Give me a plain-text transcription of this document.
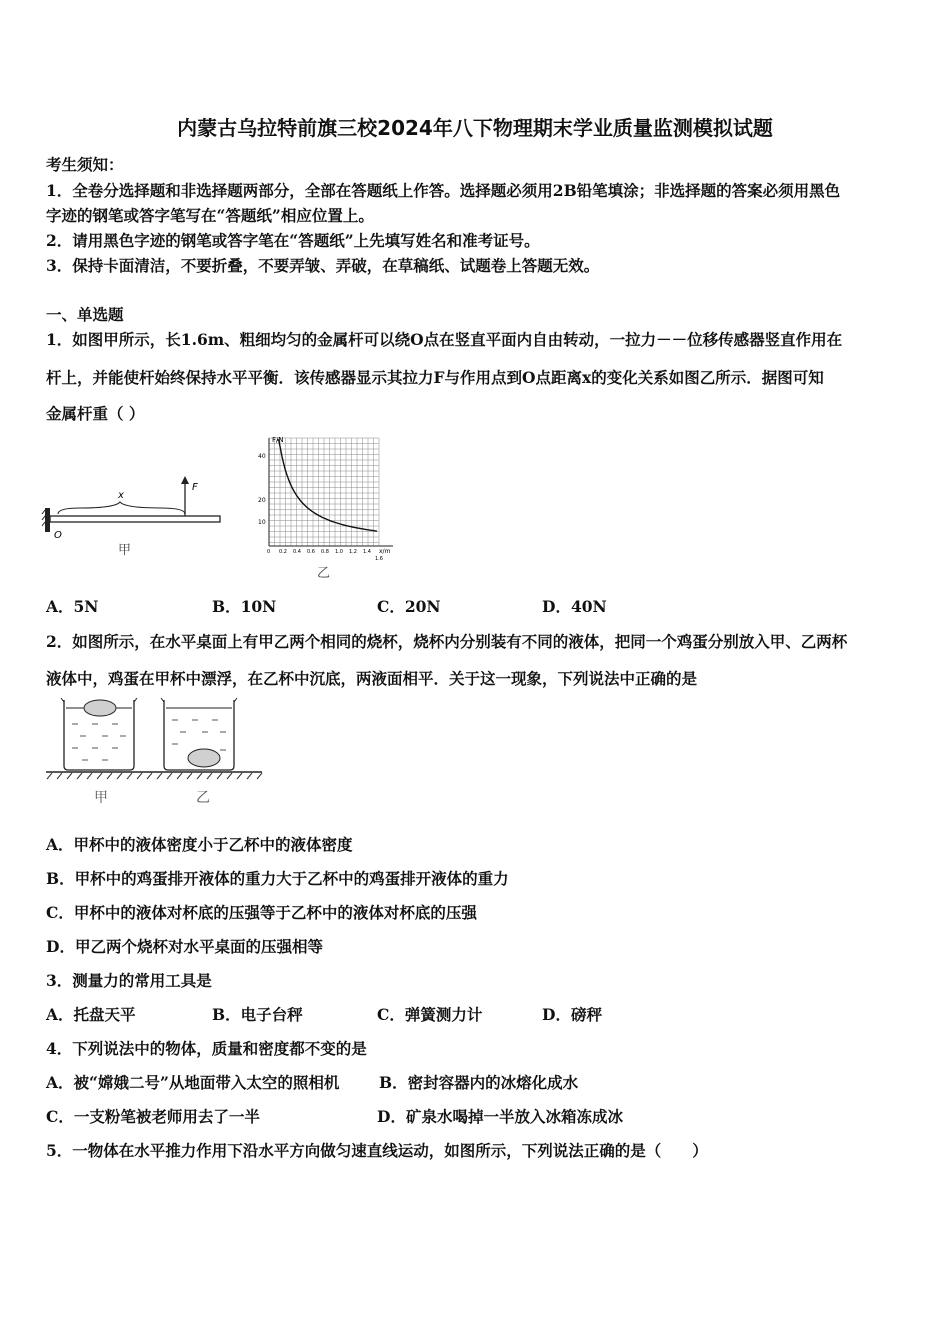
内蒙古乌拉特前旗三校2024年八下物理期末学业质量监测模拟试题
考生须知：
1．全卷分选择题和非选择题两部分，全部在答题纸上作答。选择题必须用2B铅笔填涂；非选择题的答案必须用黑色
字迹的钢笔或答字笔写在“答题纸”相应位置上。
2．请用黑色字迹的钢笔或答字笔在“答题纸”上先填写姓名和准考证号。
3．保持卡面清洁，不要折叠，不要弄皱、弄破，在草稿纸、试题卷上答题无效。
一、单选题
1．如图甲所示，长1.6m、粗细均匀的金属杆可以绕O点在竖直平面内自由转动，一拉力－－位移传感器竖直作用在
杆上，并能使杆始终保持水平平衡．该传感器显示其拉力F与作用点到O点距离x的变化关系如图乙所示．据图可知
金属杆重（ ）
x
F
O
甲
F/N
x/m
40
20
10
0 0.2 0.4 0.6 0.8 1.0 1.2 1.4
1.6
乙
A．5N	B．10N	C．20N	D．40N
2．如图所示，在水平桌面上有甲乙两个相同的烧杯，烧杯内分别装有不同的液体，把同一个鸡蛋分别放入甲、乙两杯
液体中，鸡蛋在甲杯中漂浮，在乙杯中沉底，两液面相平．关于这一现象，下列说法中正确的是
甲	乙
A．甲杯中的液体密度小于乙杯中的液体密度
B．甲杯中的鸡蛋排开液体的重力大于乙杯中的鸡蛋排开液体的重力
C．甲杯中的液体对杯底的压强等于乙杯中的液体对杯底的压强
D．甲乙两个烧杯对水平桌面的压强相等
3．测量力的常用工具是
A．托盘天平	B．电子台秤	C．弹簧测力计	D．磅秤
4．下列说法中的物体，质量和密度都不变的是
A．被“嫦娥二号”从地面带入太空的照相机	B．密封容器内的冰熔化成水
C．一支粉笔被老师用去了一半	D．矿泉水喝掉一半放入冰箱冻成冰
5．一物体在水平推力作用下沿水平方向做匀速直线运动，如图所示，下列说法正确的是（　　）
